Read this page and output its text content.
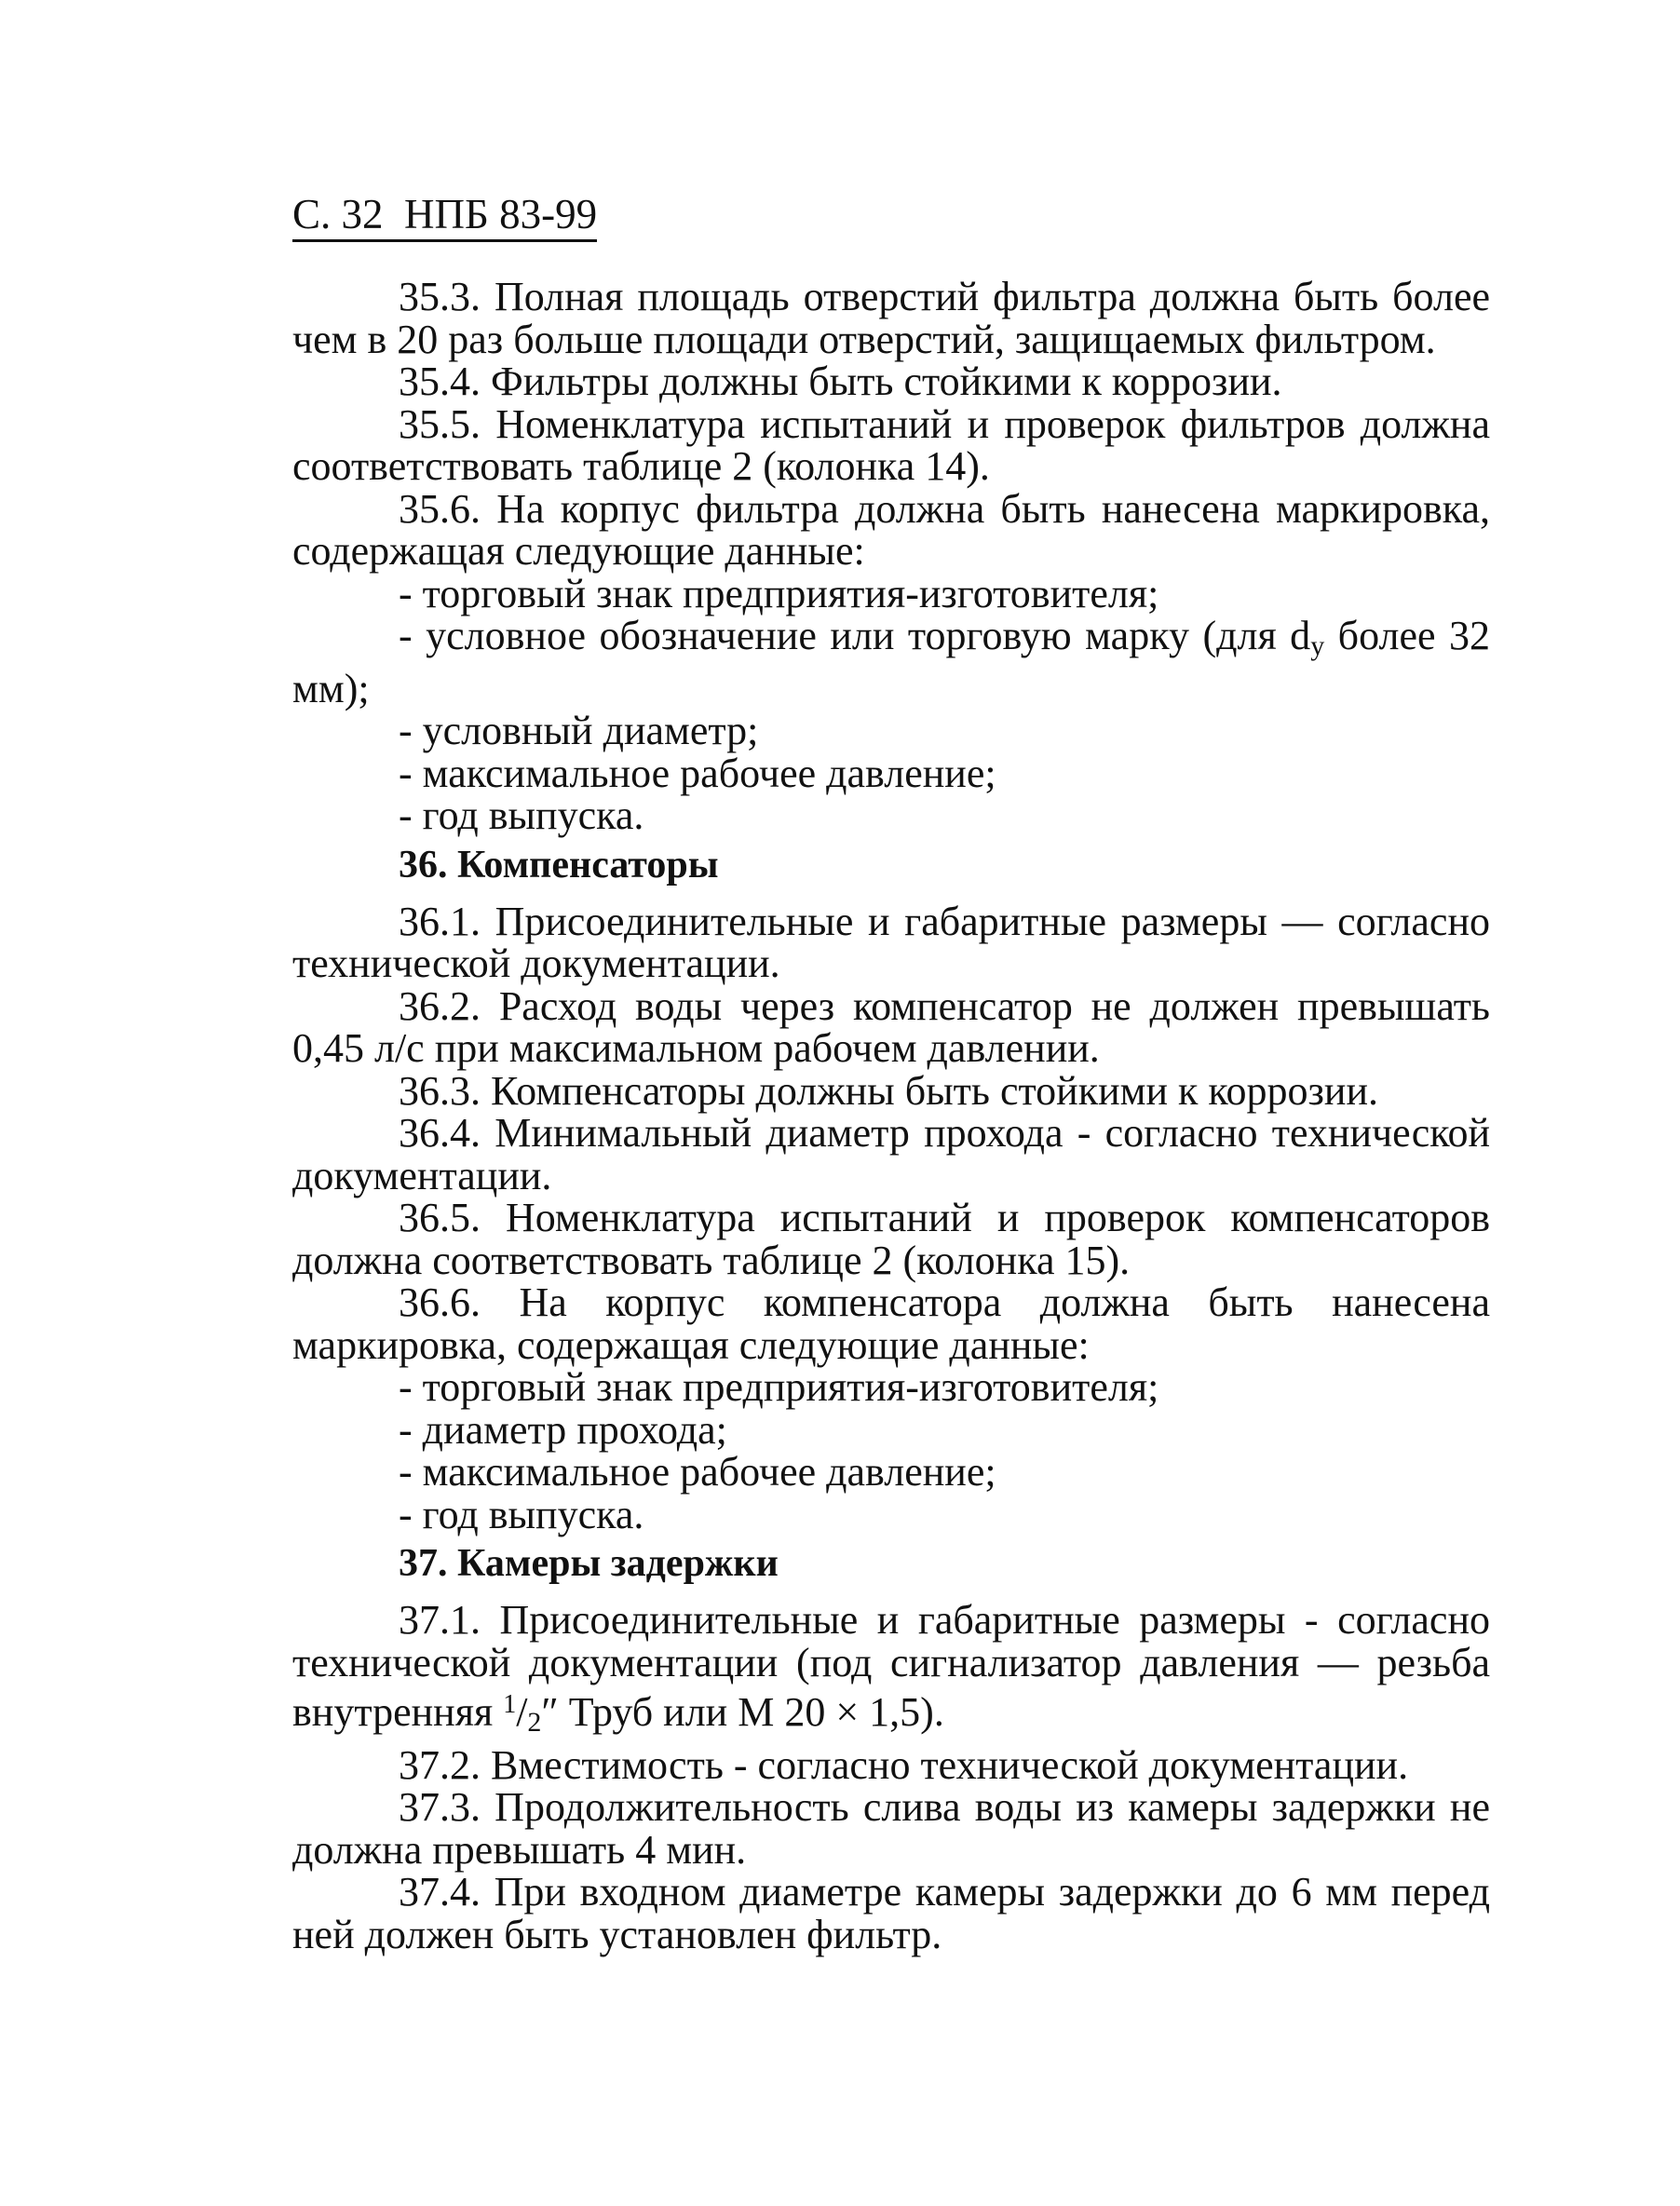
С. 32  НПБ 83-99

35.3. Полная площадь отверстий фильтра должна быть более чем в 20 раз больше площади отверстий, защищаемых фильтром.

35.4. Фильтры должны быть стойкими к коррозии.

35.5. Номенклатура испытаний и проверок фильтров должна соответствовать таблице 2 (колонка 14).

35.6. На корпус фильтра должна быть нанесена маркировка, содержащая следующие данные:

- торговый знак предприятия-изготовителя;

- условное обозначение или торговую марку (для $d_у$ более 32 мм);

- условный диаметр;

- максимальное рабочее давление;

- год выпуска.

36. Компенсаторы

36.1. Присоединительные и габаритные размеры — согласно технической документации.

36.2. Расход воды через компенсатор не должен превышать 0,45 л/с при максимальном рабочем давлении.

36.3. Компенсаторы должны быть стойкими к коррозии.

36.4. Минимальный диаметр прохода - согласно технической документации.

36.5. Номенклатура испытаний и проверок компенсаторов должна соответствовать таблице 2 (колонка 15).

36.6. На корпус компенсатора должна быть нанесена маркировка, содержащая следующие данные:

- торговый знак предприятия-изготовителя;

- диаметр прохода;

- максимальное рабочее давление;

- год выпуска.

37. Камеры задержки

37.1. Присоединительные и габаритные размеры - согласно технической документации (под сигнализатор давления — резьба внутренняя $^1/_2''$ Труб или М 20 × 1,5).

37.2. Вместимость - согласно технической документации.

37.3. Продолжительность слива воды из камеры задержки не должна превышать 4 мин.

37.4. При входном диаметре камеры задержки до 6 мм перед ней должен быть установлен фильтр.
